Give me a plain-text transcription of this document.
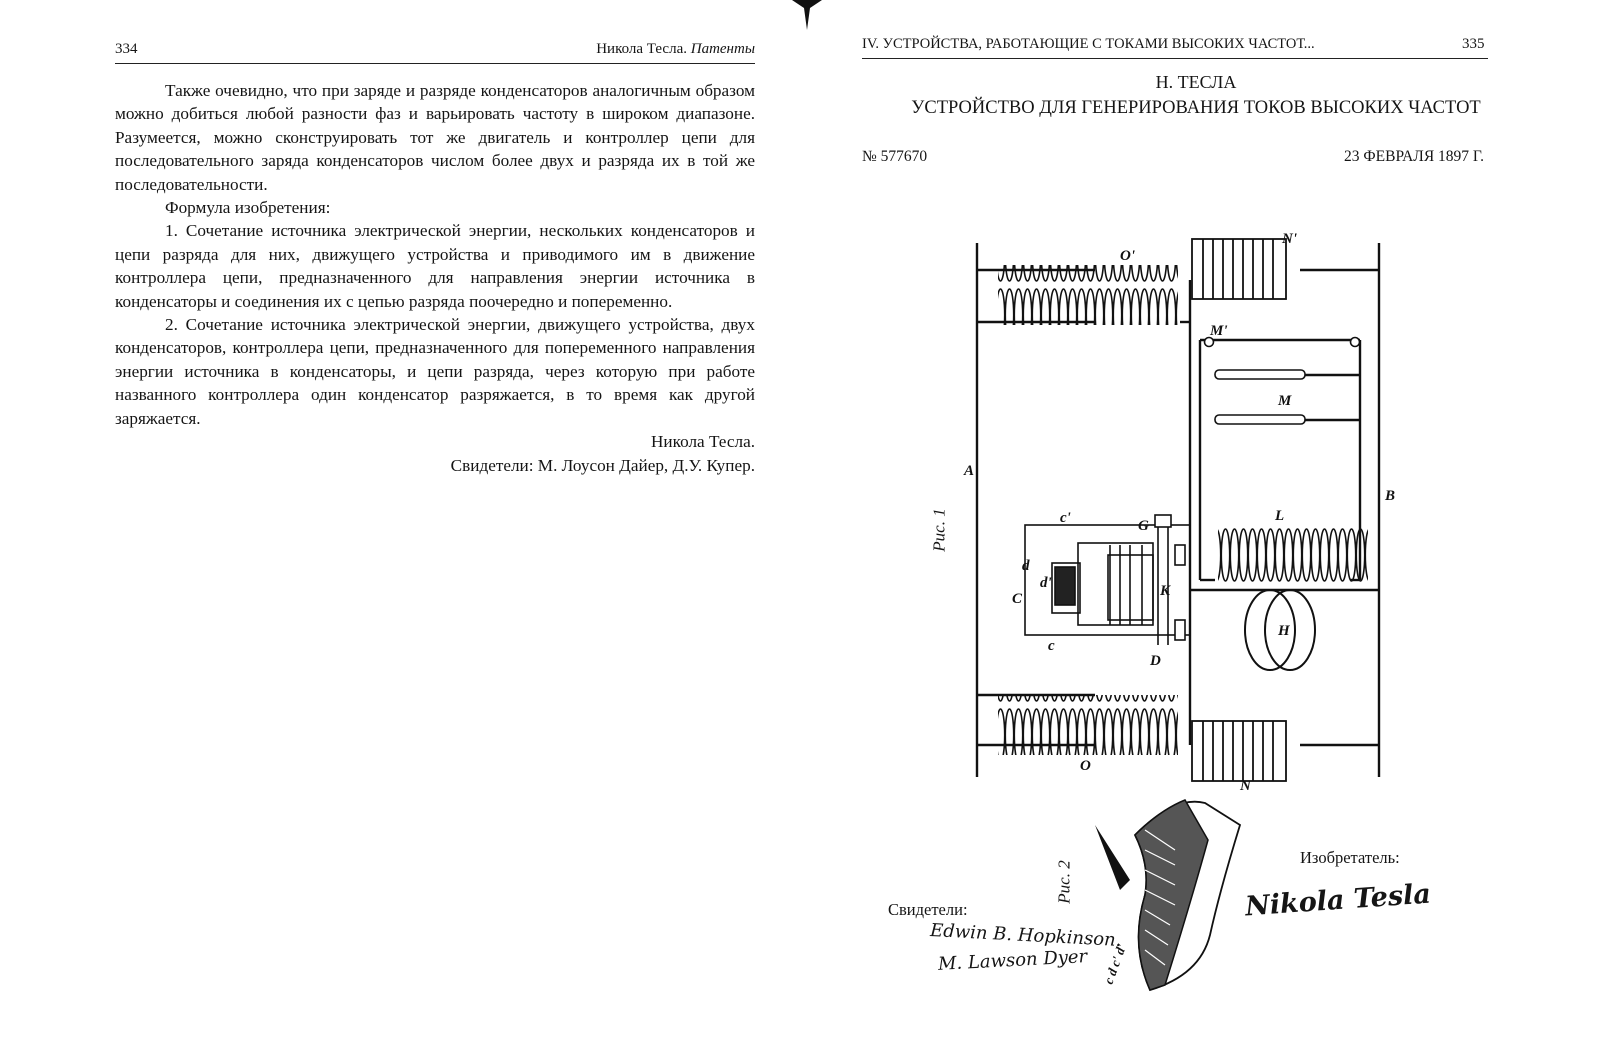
334	Никола Тесла. Патенты

Также очевидно, что при заряде и разряде конденсаторов аналогичным образом можно добиться любой разности фаз и варьировать частоту в широком диапазоне. Разумеется, можно сконструировать тот же двигатель и контроллер цепи для последовательного заряда конденсаторов числом более двух и разряда их в той же последовательности.

Формула изобретения:

1. Сочетание источника электрической энергии, нескольких конденсаторов и цепи разряда для них, движущего устройства и приводимого им в движение контроллера цепи, предназначенного для направления энергии источника в конденсаторы и соединения их с цепью разряда поочередно и попеременно.

2. Сочетание источника электрической энергии, движущего устройства, двух конденсаторов, контроллера цепи, предназначенного для попеременного направления энергии источника в конденсаторы, и цепи разряда, через которую при работе названного контроллера один конденсатор разряжается, в то время как другой заряжается.

Никола Тесла.

Свидетели: М. Лоусон Дайер, Д.У. Купер.

IV. УСТРОЙСТВА, РАБОТАЮЩИЕ С ТОКАМИ ВЫСОКИХ ЧАСТОТ...	335
Н. ТЕСЛА
УСТРОЙСТВО ДЛЯ ГЕНЕРИРОВАНИЯ ТОКОВ ВЫСОКИХ ЧАСТОТ
№ 577670	23 ФЕВРАЛЯ 1897 Г.
Рис. 1
A
B
O'
O
N'
N
M'
M
L
H
G
C
c
c'
d
d'
D
K
Рис. 2
c d c' d'
Свидетели:
Edwin B. Hopkinson.
M. Lawson Dyer
Изобретатель:
Nikola Tesla
